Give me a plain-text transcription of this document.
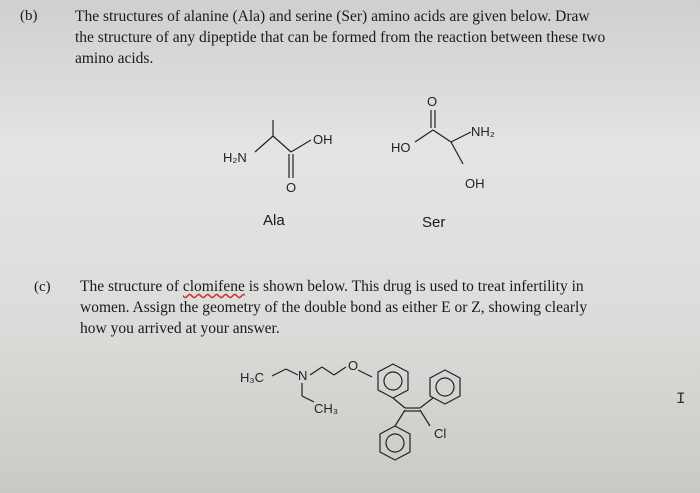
(b) The structures of alanine (Ala) and serine (Ser) amino acids are given below. Draw
the structure of any dipeptide that can be formed from the reaction between these two
amino acids.
H₂N
OH
O
Ala
O
HO
NH₂
OH
Ser
(c) The structure of clomifene is shown below. This drug is used to treat infertility in
women. Assign the geometry of the double bond as either E or Z, showing clearly
how you arrived at your answer.
H₃C	N
O
CH₃
Cl
I
